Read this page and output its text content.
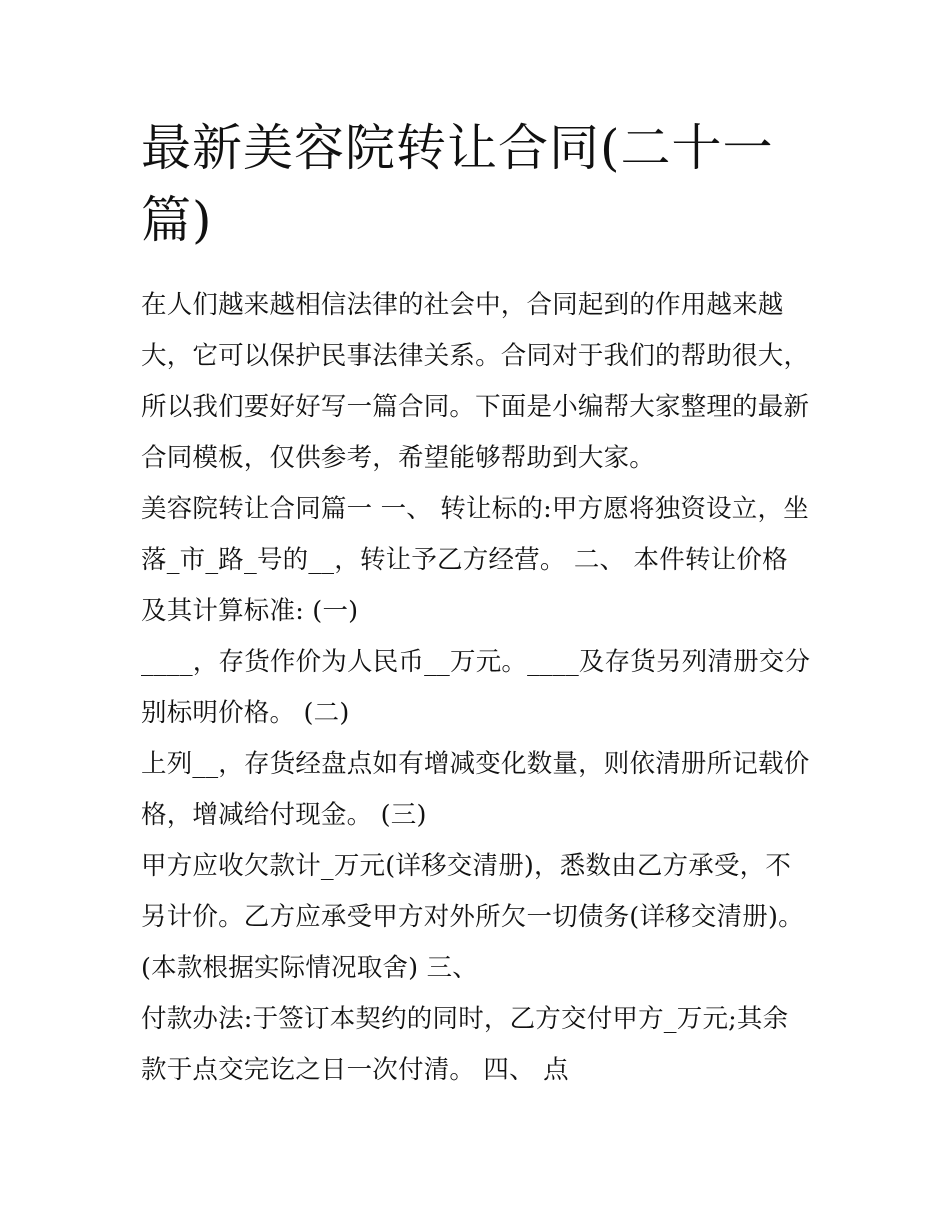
最新美容院转让合同(二十一篇)

在人们越来越相信法律的社会中，合同起到的作用越来越大，它可以保护民事法律关系。合同对于我们的帮助很大，所以我们要好好写一篇合同。下面是小编帮大家整理的最新合同模板，仅供参考，希望能够帮助到大家。

美容院转让合同篇一 一、 转让标的:甲方愿将独资设立，坐落_市_路_号的__，转让予乙方经营。 二、 本件转让价格及其计算标准: (一)

____，存货作价为人民币__万元。____及存货另列清册交分别标明价格。 (二)

上列__，存货经盘点如有增减变化数量，则依清册所记载价格，增减给付现金。 (三)

甲方应收欠款计_万元(详移交清册)，悉数由乙方承受，不另计价。乙方应承受甲方对外所欠一切债务(详移交清册)。(本款根据实际情况取舍) 三、

付款办法:于签订本契约的同时，乙方交付甲方_万元;其余款于点交完讫之日一次付清。 四、 点
